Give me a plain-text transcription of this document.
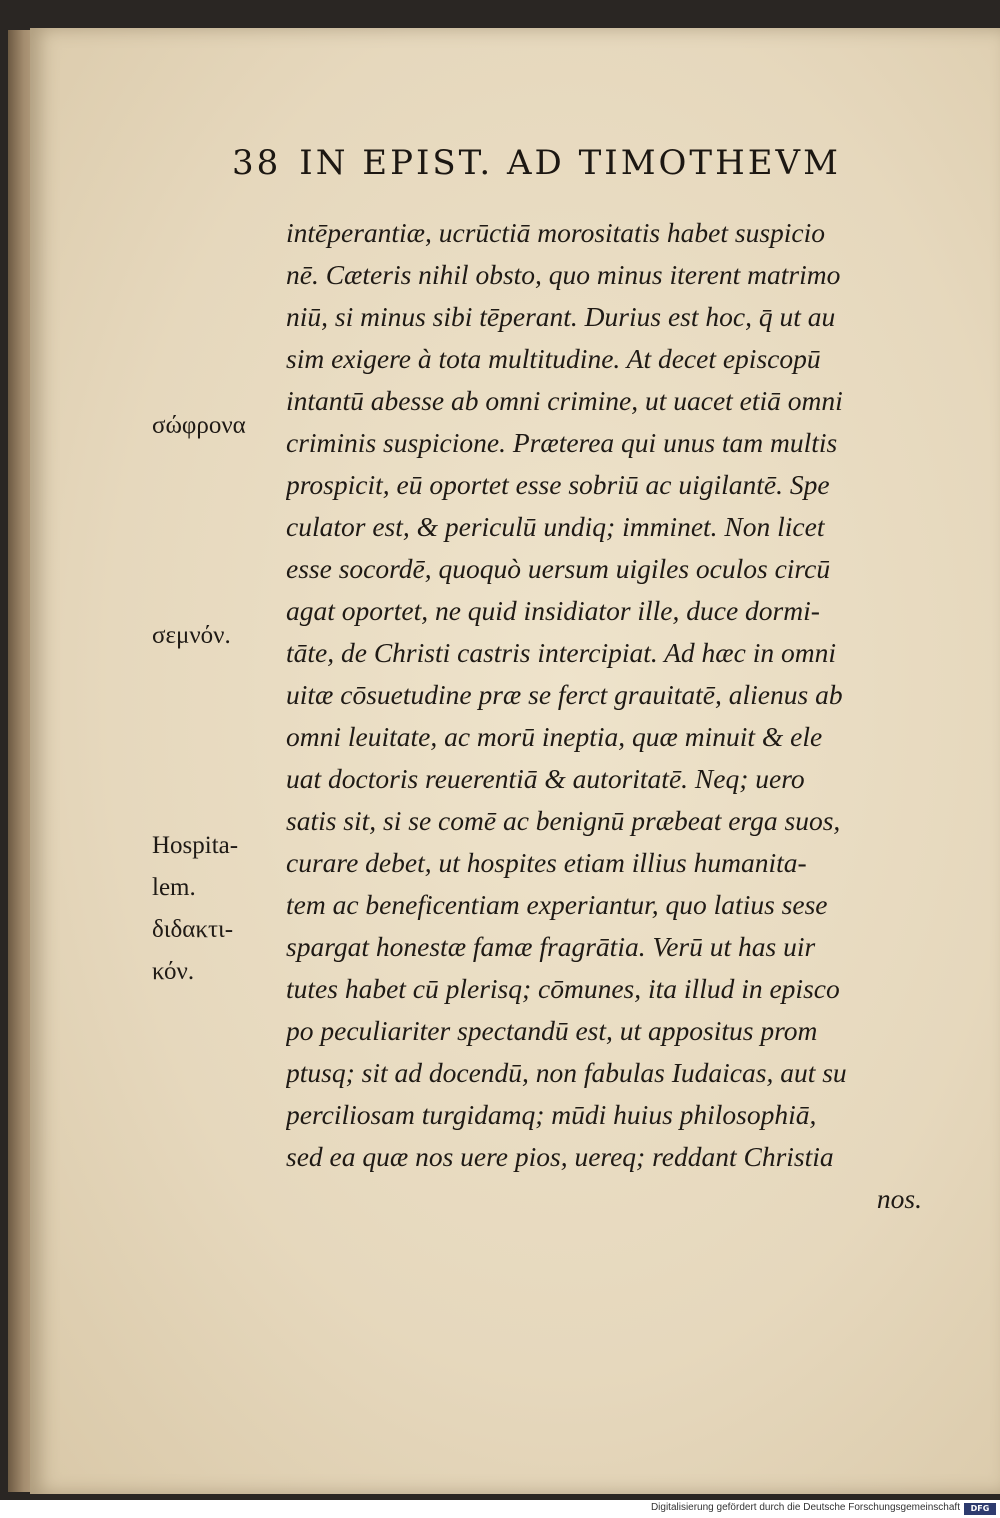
38 IN EPIST. AD TIMOTHEVM
intēperantiæ, ucrūctiā morositatis habet suspicio
nē. Cæteris nihil obsto, quo minus iterent matrimo
niū, si minus sibi tēperant. Durius est hoc, q̄ ut au
sim exigere à tota multitudine. At decet episcopū
intantū abesse ab omni crimine, ut uacet etiā omni
criminis suspicione. Præterea qui unus tam multis
prospicit, eū oportet esse sobriū ac uigilantē. Spe
culator est, & periculū undiq; imminet. Non licet
esse socordē, quoquò uersum uigiles oculos circū
agat oportet, ne quid insidiator ille, duce dormi-
tāte, de Christi castris intercipiat. Ad hæc in omni
uitæ cōsuetudine præ se ferct grauitatē, alienus ab
omni leuitate, ac morū ineptia, quæ minuit & ele
uat doctoris reuerentiā & autoritatē. Neq; uero
satis sit, si se comē ac benignū præbeat erga suos,
curare debet, ut hospites etiam illius humanita-
tem ac beneficentiam experiantur, quo latius sese
spargat honestæ famæ fragrātia. Verū ut has uir
tutes habet cū plerisq; cōmunes, ita illud in episco
po peculiariter spectandū est, ut appositus prom
ptusq; sit ad docendū, non fabulas Iudaicas, aut su
perciliosam turgidamq; mūdi huius philosophiā,
sed ea quæ nos uere pios, uereq; reddant Christia
nos.
σώφρονα
σεμνόν.
Hospita-
lem.
διδακτι-
κόν.
Digitalisierung gefördert durch die Deutsche Forschungsgemeinschaft	DFG
